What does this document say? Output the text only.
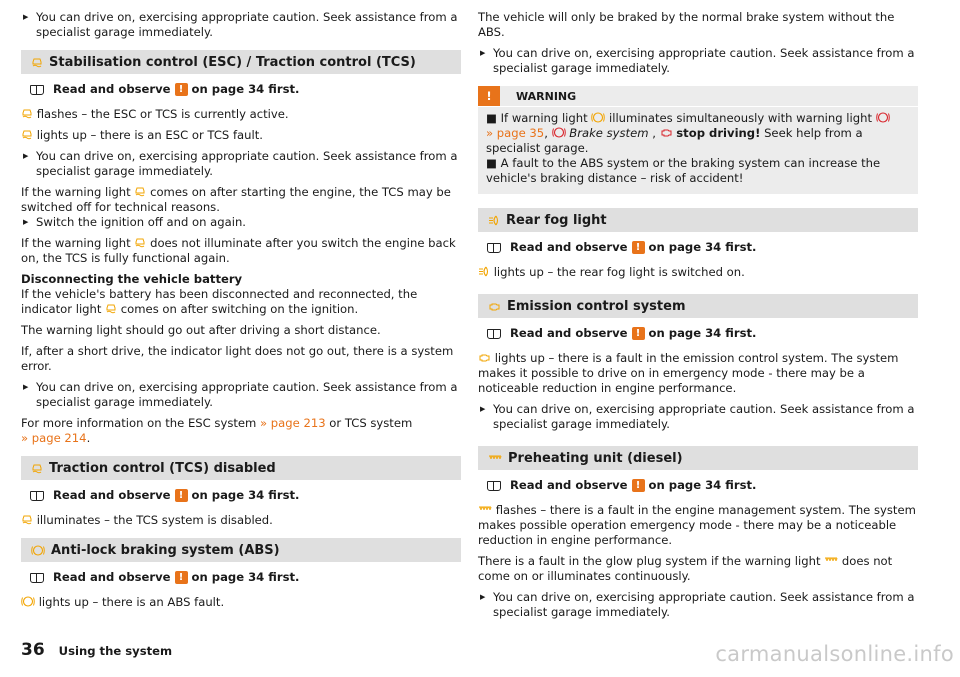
▶ You can drive on, exercising appropriate caution. Seek assistance from a specialist garage immediately.

Stabilisation control (ESC) / Traction control (TCS)
Read and observe ! on page 34 first.

flashes – the ESC or TCS is currently active.

lights up – there is an ESC or TCS fault.

▶ You can drive on, exercising appropriate caution. Seek assistance from a specialist garage immediately.

If the warning light comes on after starting the engine, the TCS may be switched off for technical reasons.

▶ Switch the ignition off and on again.

If the warning light does not illuminate after you switch the engine back on, the TCS is fully functional again.

Disconnecting the vehicle battery

If the vehicle's battery has been disconnected and reconnected, the indicator light comes on after switching on the ignition.

The warning light should go out after driving a short distance.

If, after a short drive, the indicator light does not go out, there is a system error.

▶ You can drive on, exercising appropriate caution. Seek assistance from a specialist garage immediately.

For more information on the ESC system » page 213 or TCS system
» page 214.

Traction control (TCS) disabled
Read and observe ! on page 34 first.

illuminates – the TCS system is disabled.

Anti-lock braking system (ABS)
Read and observe ! on page 34 first.

lights up – there is an ABS fault.

The vehicle will only be braked by the normal brake system without the ABS.

▶ You can drive on, exercising appropriate caution. Seek assistance from a specialist garage immediately.

!	WARNING

■ If warning light illuminates simultaneously with warning light
» page 35, Brake system , stop driving! Seek help from a specialist garage.

■ A fault to the ABS system or the braking system can increase the vehicle's braking distance – risk of accident!

Rear fog light
Read and observe ! on page 34 first.

lights up – the rear fog light is switched on.

Emission control system
Read and observe ! on page 34 first.

lights up – there is a fault in the emission control system. The system makes it possible to drive on in emergency mode - there may be a noticeable reduction in engine performance.

▶ You can drive on, exercising appropriate caution. Seek assistance from a specialist garage immediately.

Preheating unit (diesel)
Read and observe ! on page 34 first.

flashes – there is a fault in the engine management system. The system makes possible operation emergency mode - there may be a noticeable reduction in engine performance.

There is a fault in the glow plug system if the warning light does not come on or illuminates continuously.

▶ You can drive on, exercising appropriate caution. Seek assistance from a specialist garage immediately.

36 Using the system	carmanualsonline.info
